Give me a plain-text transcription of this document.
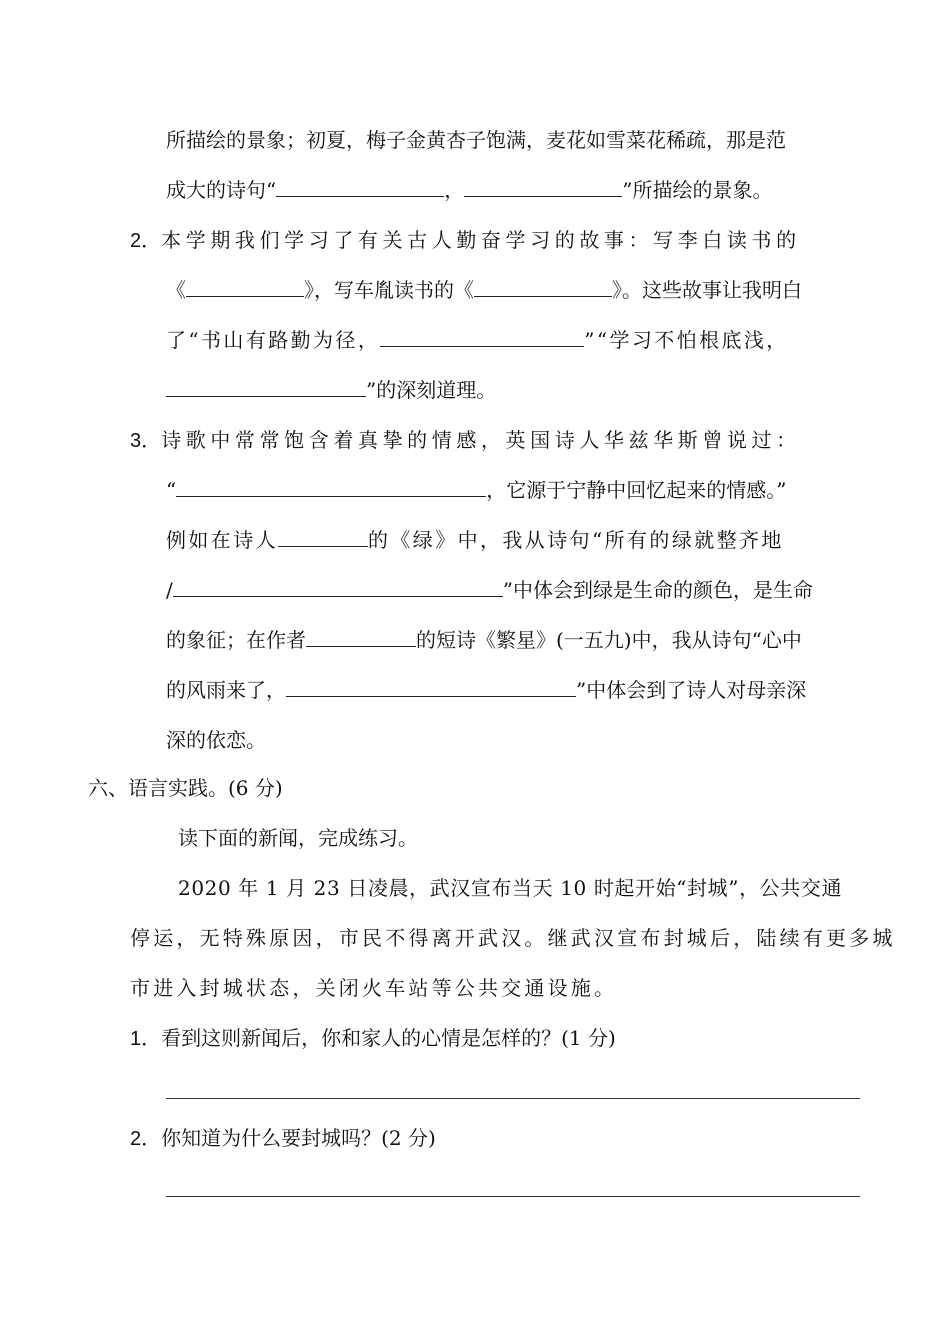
所描绘的景象；初夏，梅子金黄杏子饱满，麦花如雪菜花稀疏，那是范
成大的诗句“	，	”所描绘的景象。
2．本学期我们学习了有关古人勤奋学习的故事：写李白读书的
《	》，写车胤读书的《	》。这些故事让我明白
了“书山有路勤为径，	”“学习不怕根底浅，
”的深刻道理。
3．诗歌中常常饱含着真挚的情感，英国诗人华兹华斯曾说过：
“	，它源于宁静中回忆起来的情感。”
例如在诗人	的《绿》中，我从诗句“所有的绿就整齐地
/	”中体会到绿是生命的颜色，是生命
的象征；在作者	的短诗《繁星》(一五九)中，我从诗句“心中
的风雨来了，	”中体会到了诗人对母亲深
深的依恋。
六、语言实践。(6 分)
读下面的新闻，完成练习。
2020 年 1 月 23 日凌晨，武汉宣布当天 10 时起开始“封城”，公共交通
停运，无特殊原因，市民不得离开武汉。继武汉宣布封城后，陆续有更多城
市进入封城状态，关闭火车站等公共交通设施。
1．看到这则新闻后，你和家人的心情是怎样的？(1 分)
2．你知道为什么要封城吗？(2 分)
